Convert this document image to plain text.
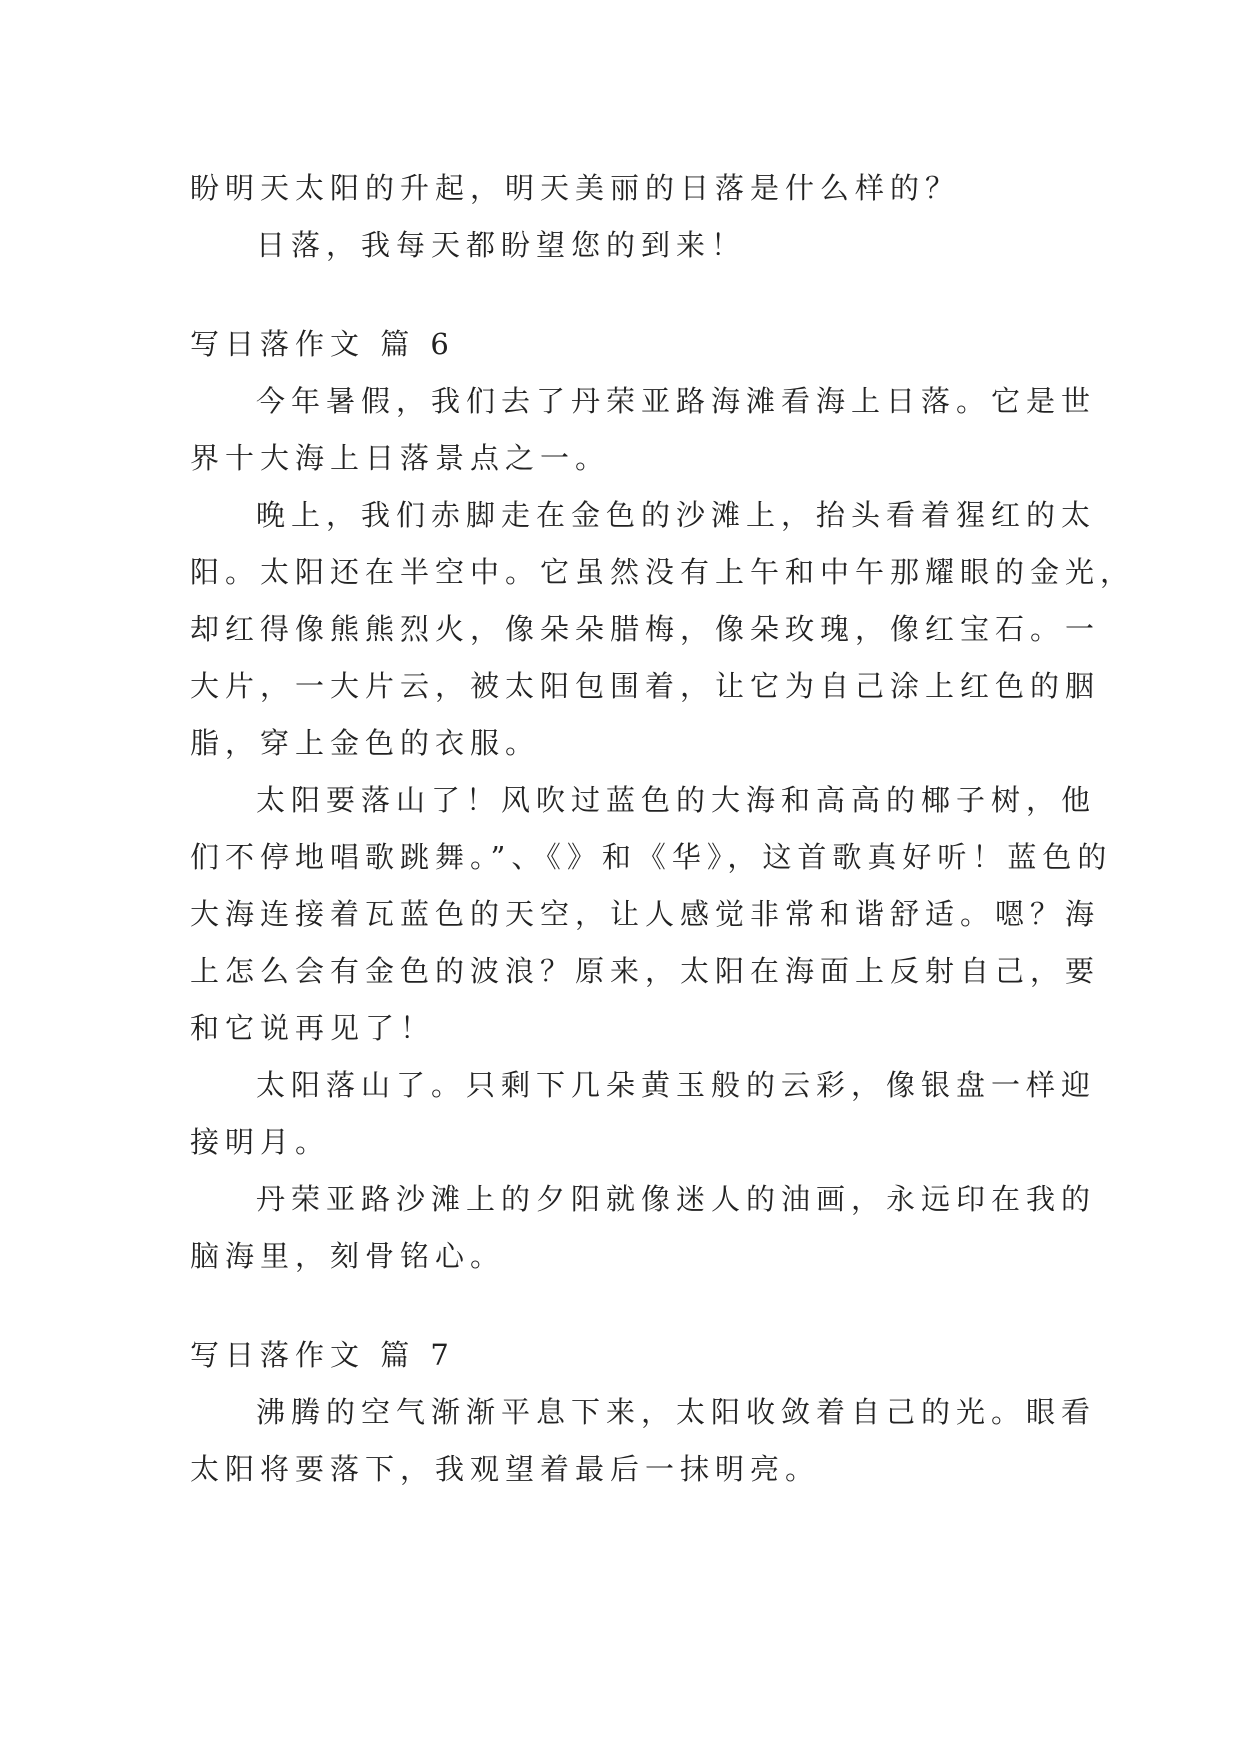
盼明天太阳的升起，明天美丽的日落是什么样的？
日落，我每天都盼望您的到来！
写日落作文 篇 6
今年暑假，我们去了丹荣亚路海滩看海上日落。它是世
界十大海上日落景点之一。
晚上，我们赤脚走在金色的沙滩上，抬头看着猩红的太
阳。太阳还在半空中。它虽然没有上午和中午那耀眼的金光，
却红得像熊熊烈火，像朵朵腊梅，像朵玫瑰，像红宝石。一
大片，一大片云，被太阳包围着，让它为自己涂上红色的胭
脂，穿上金色的衣服。
太阳要落山了！风吹过蓝色的大海和高高的椰子树，他
们不停地唱歌跳舞。”、《》和《华》，这首歌真好听！蓝色的
大海连接着瓦蓝色的天空，让人感觉非常和谐舒适。嗯？海
上怎么会有金色的波浪？原来，太阳在海面上反射自己，要
和它说再见了！
太阳落山了。只剩下几朵黄玉般的云彩，像银盘一样迎
接明月。
丹荣亚路沙滩上的夕阳就像迷人的油画，永远印在我的
脑海里，刻骨铭心。
写日落作文 篇 7
沸腾的空气渐渐平息下来，太阳收敛着自己的光。眼看
太阳将要落下，我观望着最后一抹明亮。
